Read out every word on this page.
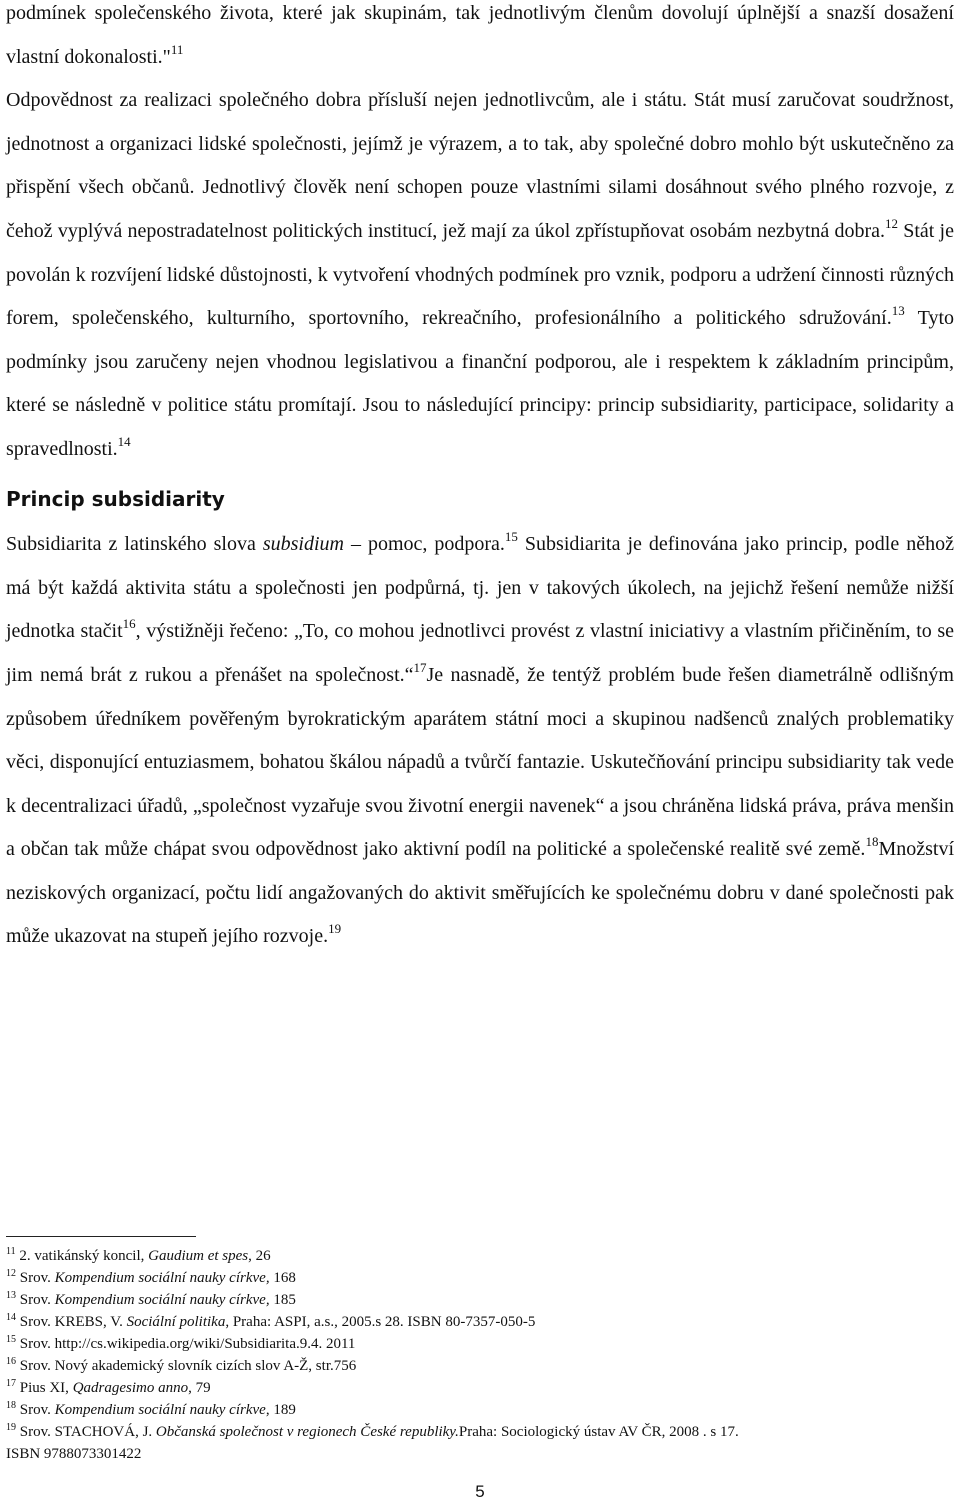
podmínek společenského života, které jak skupinám, tak jednotlivým členům dovolují úplnější a snazší dosažení vlastní dokonalosti."$^{11}$

Odpovědnost za realizaci společného dobra přísluší nejen jednotlivcům, ale i státu. Stát musí zaručovat soudržnost, jednotnost a organizaci lidské společnosti, jejímž je výrazem, a to tak, aby společné dobro mohlo být uskutečněno za přispění všech občanů. Jednotlivý člověk není schopen pouze vlastními silami dosáhnout svého plného rozvoje, z čehož vyplývá nepostradatelnost politických institucí, jež mají za úkol zpřístupňovat osobám nezbytná dobra.$^{12}$ Stát je povolán k rozvíjení lidské důstojnosti, k vytvoření vhodných podmínek pro vznik, podporu a udržení činnosti různých forem, společenského, kulturního, sportovního, rekreačního, profesionálního a politického sdružování.$^{13}$ Tyto podmínky jsou zaručeny nejen vhodnou legislativou a finanční podporou, ale i respektem k základním principům, které se následně v politice státu promítají. Jsou to následující principy: princip subsidiarity, participace, solidarity a spravedlnosti.$^{14}$

Princip subsidiarity

Subsidiarita z latinského slova subsidium – pomoc, podpora.$^{15}$ Subsidiarita je definována jako princip, podle něhož má být každá aktivita státu a společnosti jen podpůrná, tj. jen v takových úkolech, na jejichž řešení nemůže nižší jednotka stačit$^{16}$, výstižněji řečeno: „To, co mohou jednotlivci provést z vlastní iniciativy a vlastním přičiněním, to se jim nemá brát z rukou a přenášet na společnost.“$^{17}$Je nasnadě, že tentýž problém bude řešen diametrálně odlišným způsobem úředníkem pověřeným byrokratickým aparátem státní moci a skupinou nadšenců znalých problematiky věci, disponující entuziasmem, bohatou škálou nápadů a tvůrčí fantazie. Uskutečňování principu subsidiarity tak vede k decentralizaci úřadů, „společnost vyzařuje svou životní energii navenek“ a jsou chráněna lidská práva, práva menšin a občan tak může chápat svou odpovědnost jako aktivní podíl na politické a společenské realitě své země.$^{18}$Množství neziskových organizací, počtu lidí angažovaných do aktivit směřujících ke společnému dobru v dané společnosti pak může ukazovat na stupeň jejího rozvoje.$^{19}$

$^{11}$ 2. vatikánský koncil, Gaudium et spes, 26
$^{12}$ Srov. Kompendium sociální nauky církve, 168
$^{13}$ Srov. Kompendium sociální nauky církve, 185
$^{14}$ Srov. KREBS, V. Sociální politika, Praha: ASPI, a.s., 2005.s 28. ISBN 80-7357-050-5
$^{15}$ Srov. http://cs.wikipedia.org/wiki/Subsidiarita.9.4. 2011
$^{16}$ Srov. Nový akademický slovník cizích slov A-Ž, str.756
$^{17}$ Pius XI, Qadragesimo anno, 79
$^{18}$ Srov. Kompendium sociální nauky církve, 189
$^{19}$ Srov. STACHOVÁ, J. Občanská společnost v regionech České republiky.Praha: Sociologický ústav AV ČR, 2008 . s 17.
ISBN 9788073301422
5
